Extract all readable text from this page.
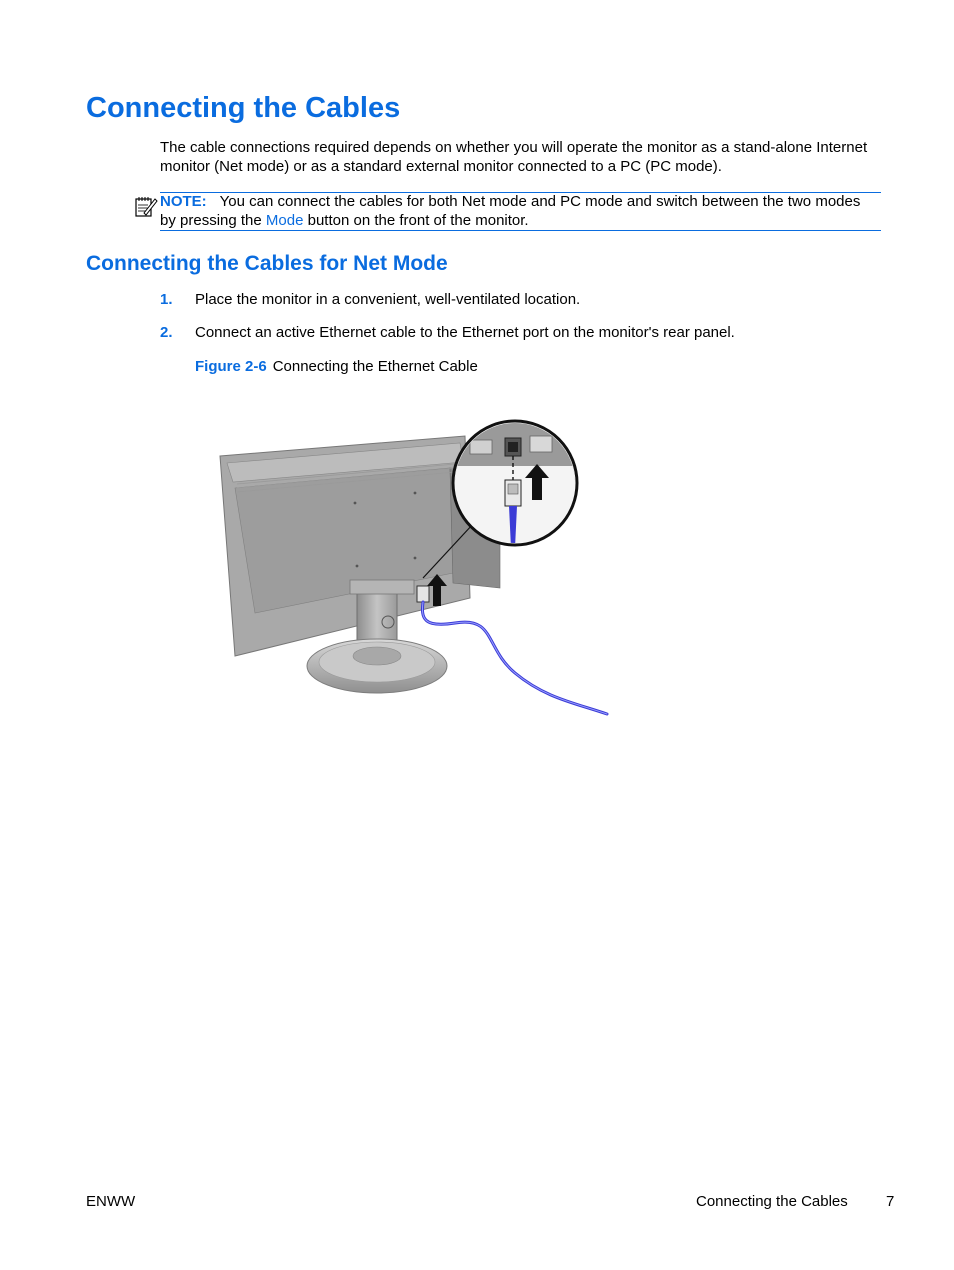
Connecting the Cables
The cable connections required depends on whether you will operate the monitor as a stand-alone Internet monitor (Net mode) or as a standard external monitor connected to a PC (PC mode).
NOTE: You can connect the cables for both Net mode and PC mode and switch between the two modes by pressing the Mode button on the front of the monitor.
Connecting the Cables for Net Mode
1. Place the monitor in a convenient, well-ventilated location.
2. Connect an active Ethernet cable to the Ethernet port on the monitor's rear panel.
Figure 2-6 Connecting the Ethernet Cable
ENWW	Connecting the Cables	7
